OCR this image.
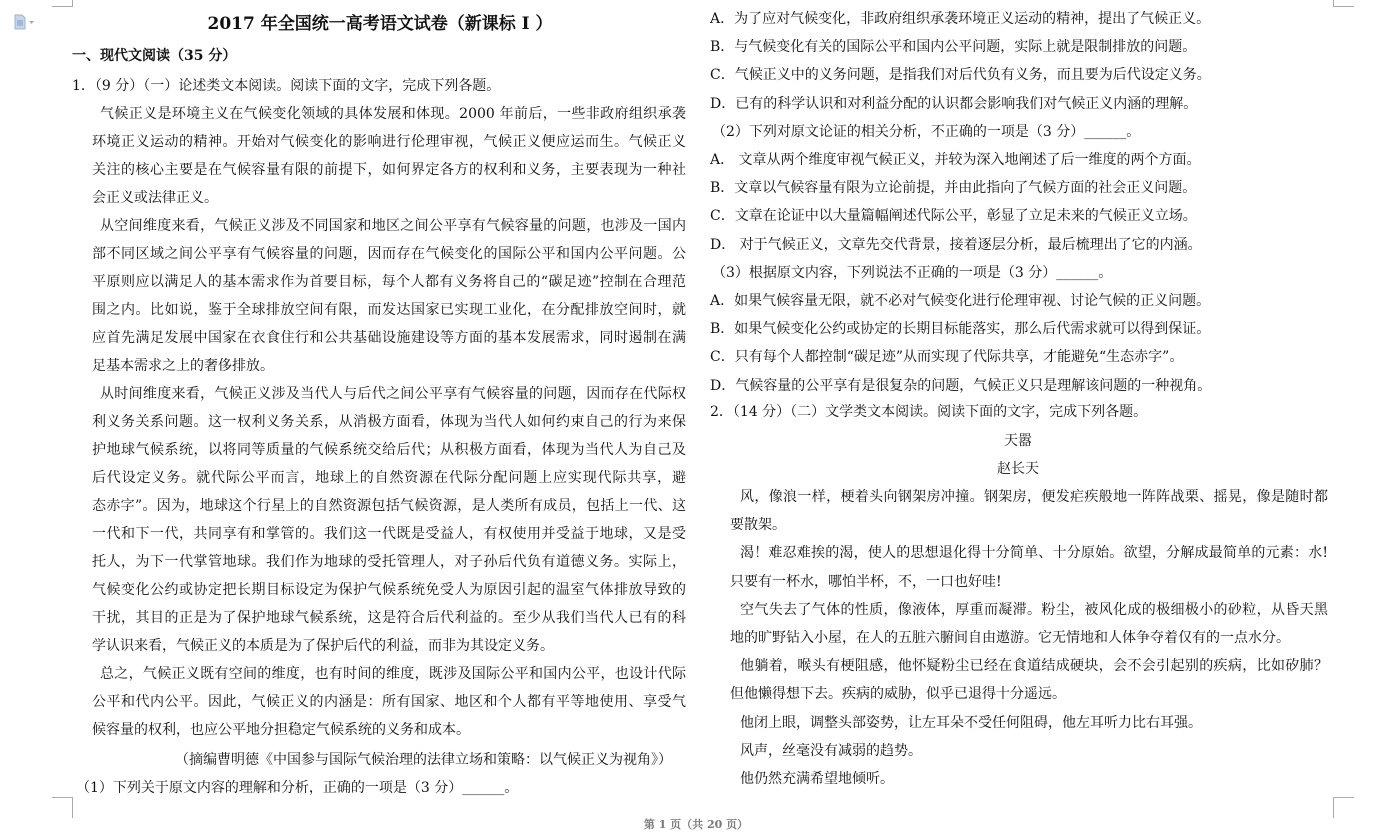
2017 年全国统一高考语文试卷（新课标 I ）
一、现代文阅读（35 分）
1．（9 分）（一）论述类文本阅读。阅读下面的文字，完成下列各题。
气候正义是环境主义在气候变化领域的具体发展和体现。2000 年前后，一些非政府组织承袭
环境正义运动的精神。开始对气候变化的影响进行伦理审视，气候正义便应运而生。气候正义
关注的核心主要是在气候容量有限的前提下，如何界定各方的权利和义务，主要表现为一种社
会正义或法律正义。
从空间维度来看，气候正义涉及不同国家和地区之间公平享有气候容量的问题，也涉及一国内
部不同区域之间公平享有气候容量的问题，因而存在气候变化的国际公平和国内公平问题。公
平原则应以满足人的基本需求作为首要目标，每个人都有义务将自己的“碳足迹”控制在合理范
围之内。比如说，鉴于全球排放空间有限，而发达国家已实现工业化，在分配排放空间时，就
应首先满足发展中国家在衣食住行和公共基础设施建设等方面的基本发展需求，同时遏制在满
足基本需求之上的奢侈排放。
从时间维度来看，气候正义涉及当代人与后代之间公平享有气候容量的问题，因而存在代际权
利义务关系问题。这一权利义务关系，从消极方面看，体现为当代人如何约束自己的行为来保
护地球气候系统，以将同等质量的气候系统交给后代；从积极方面看，体现为当代人为自己及
后代设定义务。就代际公平而言，地球上的自然资源在代际分配问题上应实现代际共享，避
态赤字”。因为，地球这个行星上的自然资源包括气候资源，是人类所有成员，包括上一代、这
一代和下一代，共同享有和掌管的。我们这一代既是受益人，有权使用并受益于地球，又是受
托人，为下一代掌管地球。我们作为地球的受托管理人，对子孙后代负有道德义务。实际上，
气候变化公约或协定把长期目标设定为保护气候系统免受人为原因引起的温室气体排放导致的
干扰，其目的正是为了保护地球气候系统，这是符合后代利益的。至少从我们当代人已有的科
学认识来看，气候正义的本质是为了保护后代的利益，而非为其设定义务。
总之，气候正义既有空间的维度，也有时间的维度，既涉及国际公平和国内公平，也设计代际
公平和代内公平。因此，气候正义的内涵是：所有国家、地区和个人都有平等地使用、享受气
候容量的权利，也应公平地分担稳定气候系统的义务和成本。
（摘编曹明德《中国参与国际气候治理的法律立场和策略：以气候正义为视角》）
（1）下列关于原文内容的理解和分析，正确的一项是（3 分）______。
A．为了应对气候变化，非政府组织承袭环境正义运动的精神，提出了气候正义。
B．与气候变化有关的国际公平和国内公平问题，实际上就是限制排放的问题。
C．气候正义中的义务问题，是指我们对后代负有义务，而且要为后代设定义务。
D．已有的科学认识和对利益分配的认识都会影响我们对气候正义内涵的理解。
（2）下列对原文论证的相关分析，不正确的一项是（3 分）______。
A． 文章从两个维度审视气候正义，并较为深入地阐述了后一维度的两个方面。
B．文章以气候容量有限为立论前提，并由此指向了气候方面的社会正义问题。
C．文章在论证中以大量篇幅阐述代际公平，彰显了立足未来的气候正义立场。
D． 对于气候正义，文章先交代背景，接着逐层分析，最后梳理出了它的内涵。
（3）根据原文内容，下列说法不正确的一项是（3 分）______。
A．如果气候容量无限，就不必对气候变化进行伦理审视、讨论气候的正义问题。
B．如果气候变化公约或协定的长期目标能落实，那么后代需求就可以得到保证。
C．只有每个人都控制“碳足迹”从而实现了代际共享，才能避免“生态赤字”。
D．气候容量的公平享有是很复杂的问题，气候正义只是理解该问题的一种视角。
2．（14 分）（二）文学类文本阅读。阅读下面的文字，完成下列各题。
天嚣
赵长天
风，像浪一样，梗着头向钢架房冲撞。钢架房，便发疟疾般地一阵阵战栗、摇晃，像是随时都
要散架。
渴！难忍难挨的渴，使人的思想退化得十分简单、十分原始。欲望，分解成最简单的元素：水!
只要有一杯水，哪怕半杯，不，一口也好哇!
空气失去了气体的性质，像液体，厚重而凝滞。粉尘，被风化成的极细极小的砂粒，从昏天黑
地的旷野钻入小屋，在人的五脏六腑间自由遨游。它无情地和人体争夺着仅有的一点水分。
他躺着，喉头有梗阻感，他怀疑粉尘已经在食道结成硬块，会不会引起别的疾病，比如矽肺？
但他懒得想下去。疾病的威胁，似乎已退得十分遥远。
他闭上眼，调整头部姿势，让左耳朵不受任何阻碍，他左耳听力比右耳强。
风声，丝毫没有减弱的趋势。
他仍然充满希望地倾听。
第 1 页（共 20 页）
